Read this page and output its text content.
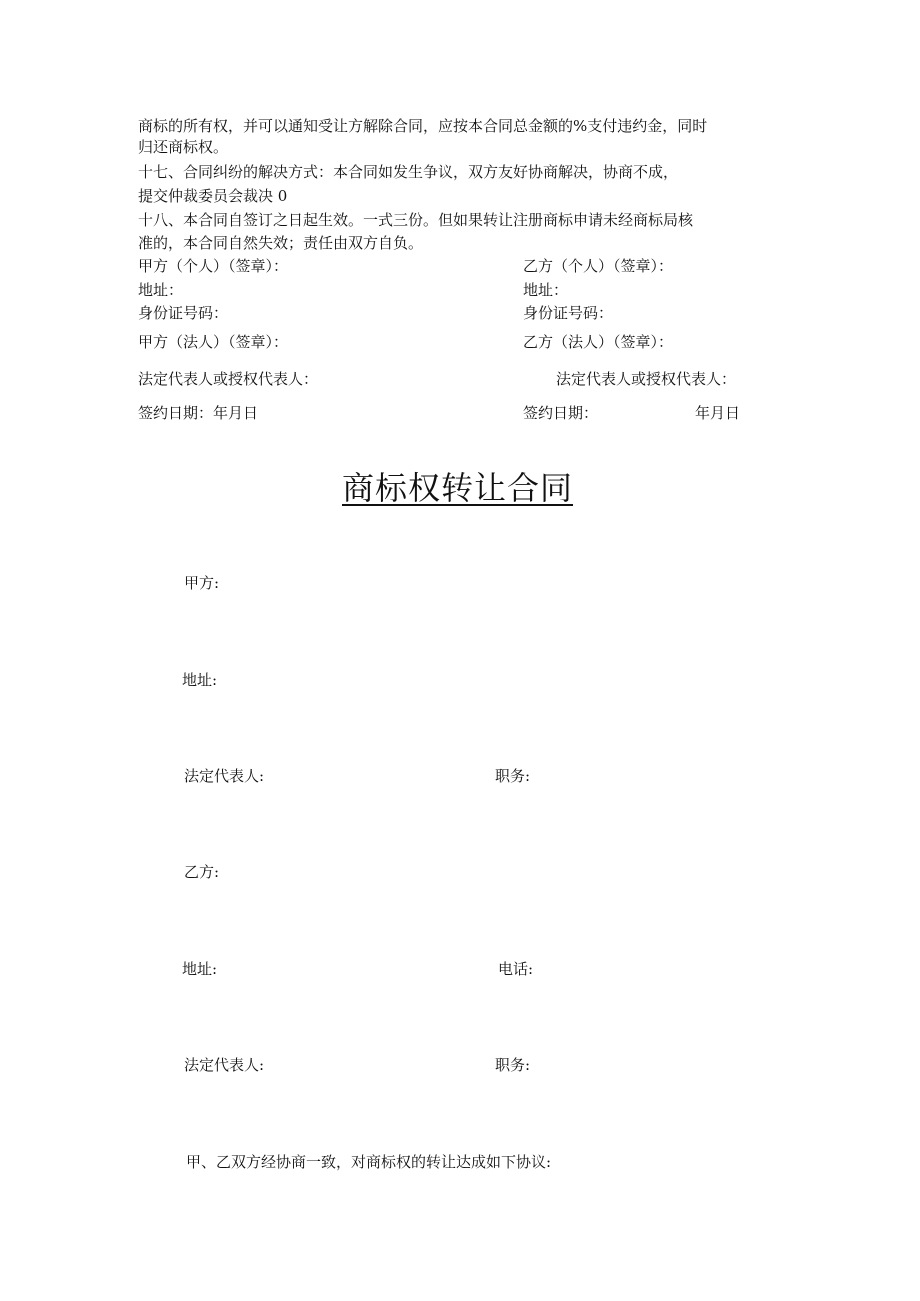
商标的所有权，并可以通知受让方解除合同，应按本合同总金额的%支付违约金，同时
归还商标权。
十七、合同纠纷的解决方式：本合同如发生争议，双方友好协商解决，协商不成，
提交仲裁委员会裁决 0
十八、本合同自签订之日起生效。一式三份。但如果转让注册商标申请未经商标局核
准的，本合同自然失效；责任由双方自负。
甲方（个人）（签章）：	乙方（个人）（签章）：
地址：	地址：
身份证号码：	身份证号码：
甲方（法人）（签章）：	乙方（法人）（签章）：
法定代表人或授权代表人：	法定代表人或授权代表人：
签约日期：年月日	签约日期：	年月日
商标权转让合同
甲方:
地址:
法定代表人:	职务:
乙方:
地址:	电话:
法定代表人:	职务:
甲、乙双方经协商一致，对商标权的转让达成如下协议:
